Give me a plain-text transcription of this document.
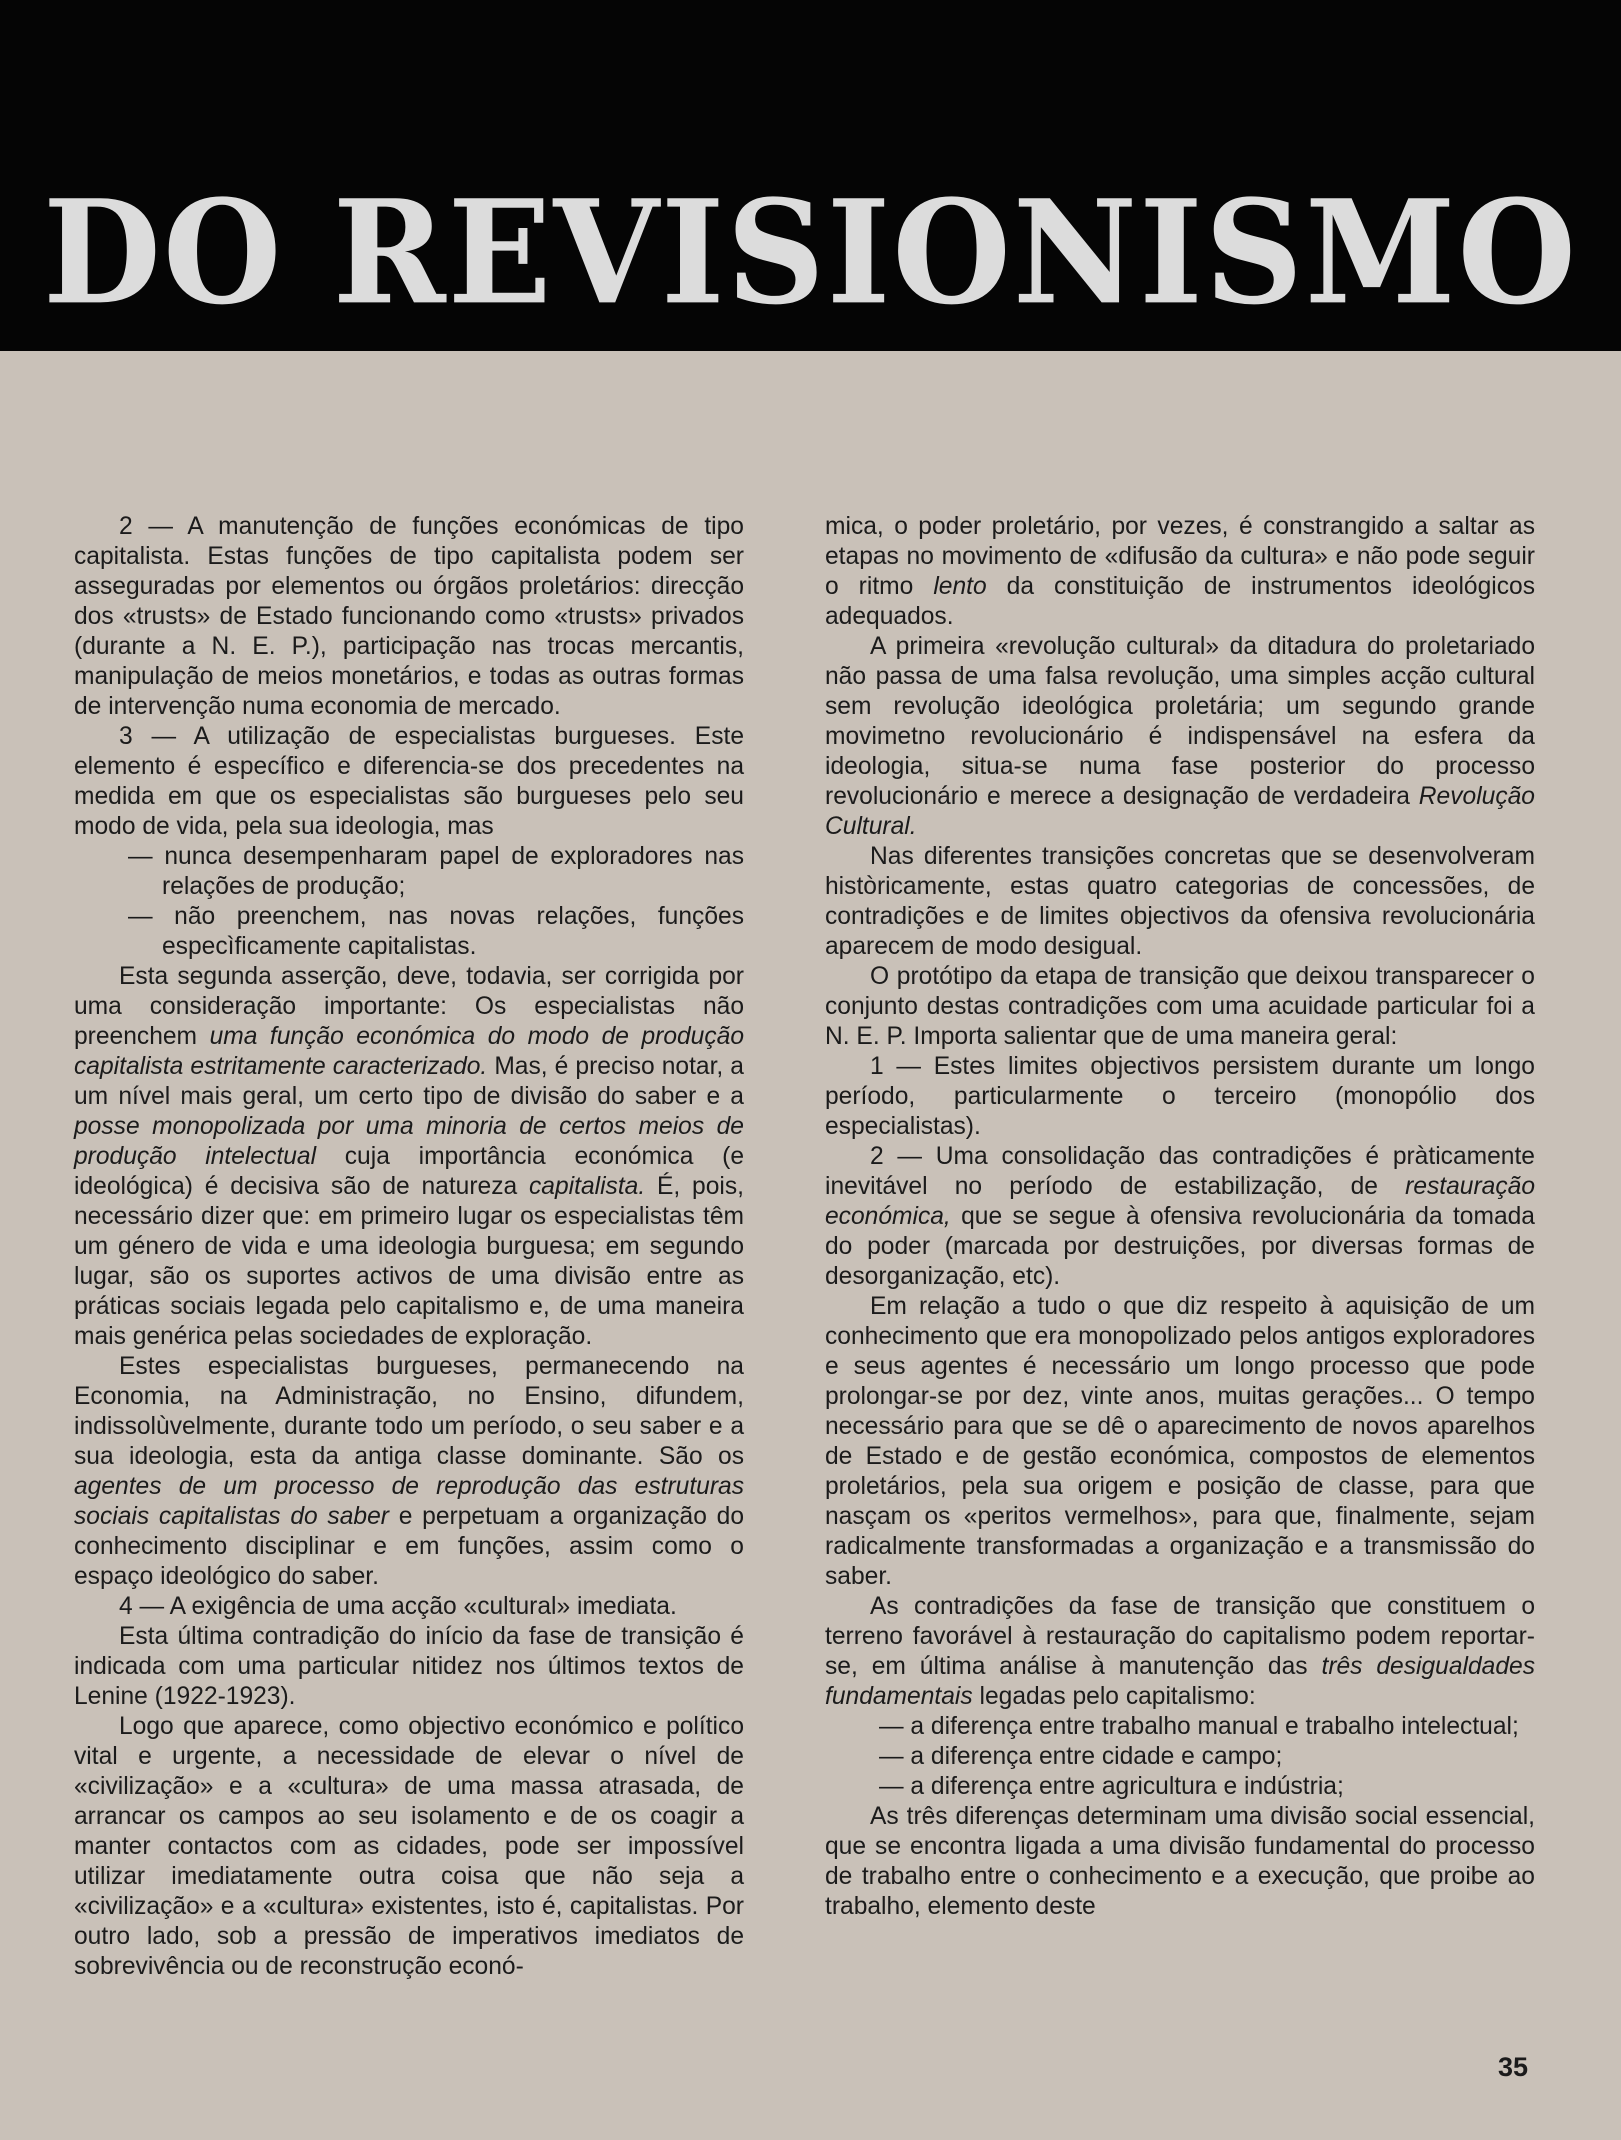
DO REVISIONISMO

2 — A manutenção de funções económicas de tipo capitalista. Estas funções de tipo capitalista podem ser asseguradas por elementos ou órgãos proletários: direcção dos «trusts» de Estado funcionando como «trusts» privados (durante a N. E. P.), participação nas trocas mercantis, manipulação de meios monetários, e todas as outras formas de intervenção numa economia de mercado.

3 — A utilização de especialistas burgueses. Este elemento é específico e diferencia-se dos precedentes na medida em que os especialistas são burgueses pelo seu modo de vida, pela sua ideologia, mas

— nunca desempenharam papel de exploradores nas relações de produção;

— não preenchem, nas novas relações, funções especìficamente capitalistas.

Esta segunda asserção, deve, todavia, ser corrigida por uma consideração importante: Os especialistas não preenchem uma função económica do modo de produção capitalista estritamente caracterizado. Mas, é preciso notar, a um nível mais geral, um certo tipo de divisão do saber e a posse monopolizada por uma minoria de certos meios de produção intelectual cuja importância económica (e ideológica) é decisiva são de natureza capitalista. É, pois, necessário dizer que: em primeiro lugar os especialistas têm um género de vida e uma ideologia burguesa; em segundo lugar, são os suportes activos de uma divisão entre as práticas sociais legada pelo capitalismo e, de uma maneira mais genérica pelas sociedades de exploração.

Estes especialistas burgueses, permanecendo na Economia, na Administração, no Ensino, difundem, indissolùvelmente, durante todo um período, o seu saber e a sua ideologia, esta da antiga classe dominante. São os agentes de um processo de reprodução das estruturas sociais capitalistas do saber e perpetuam a organização do conhecimento disciplinar e em funções, assim como o espaço ideológico do saber.

4 — A exigência de uma acção «cultural» imediata.

Esta última contradição do início da fase de transição é indicada com uma particular nitidez nos últimos textos de Lenine (1922-1923).

Logo que aparece, como objectivo económico e político vital e urgente, a necessidade de elevar o nível de «civilização» e a «cultura» de uma massa atrasada, de arrancar os campos ao seu isolamento e de os coagir a manter contactos com as cidades, pode ser impossível utilizar imediatamente outra coisa que não seja a «civilização» e a «cultura» existentes, isto é, capitalistas. Por outro lado, sob a pressão de imperativos imediatos de sobrevivência ou de reconstrução econó-

mica, o poder proletário, por vezes, é constrangido a saltar as etapas no movimento de «difusão da cultura» e não pode seguir o ritmo lento da constituição de instrumentos ideológicos adequados.

A primeira «revolução cultural» da ditadura do proletariado não passa de uma falsa revolução, uma simples acção cultural sem revolução ideológica proletária; um segundo grande movimetno revolucionário é indispensável na esfera da ideologia, situa-se numa fase posterior do processo revolucionário e merece a designação de verdadeira Revolução Cultural.

Nas diferentes transições concretas que se desenvolveram històricamente, estas quatro categorias de concessões, de contradições e de limites objectivos da ofensiva revolucionária aparecem de modo desigual.

O protótipo da etapa de transição que deixou transparecer o conjunto destas contradições com uma acuidade particular foi a N. E. P. Importa salientar que de uma maneira geral:

1 — Estes limites objectivos persistem durante um longo período, particularmente o terceiro (monopólio dos especialistas).

2 — Uma consolidação das contradições é pràticamente inevitável no período de estabilização, de restauração económica, que se segue à ofensiva revolucionária da tomada do poder (marcada por destruições, por diversas formas de desorganização, etc).

Em relação a tudo o que diz respeito à aquisição de um conhecimento que era monopolizado pelos antigos exploradores e seus agentes é necessário um longo processo que pode prolongar-se por dez, vinte anos, muitas gerações... O tempo necessário para que se dê o aparecimento de novos aparelhos de Estado e de gestão económica, compostos de elementos proletários, pela sua origem e posição de classe, para que nasçam os «peritos vermelhos», para que, finalmente, sejam radicalmente transformadas a organização e a transmissão do saber.

As contradições da fase de transição que constituem o terreno favorável à restauração do capitalismo podem reportar-se, em última análise à manutenção das três desigualdades fundamentais legadas pelo capitalismo:

— a diferença entre trabalho manual e trabalho intelectual;

— a diferença entre cidade e campo;

— a diferença entre agricultura e indústria;

As três diferenças determinam uma divisão social essencial, que se encontra ligada a uma divisão fundamental do processo de trabalho entre o conhecimento e a execução, que proibe ao trabalho, elemento deste

35
